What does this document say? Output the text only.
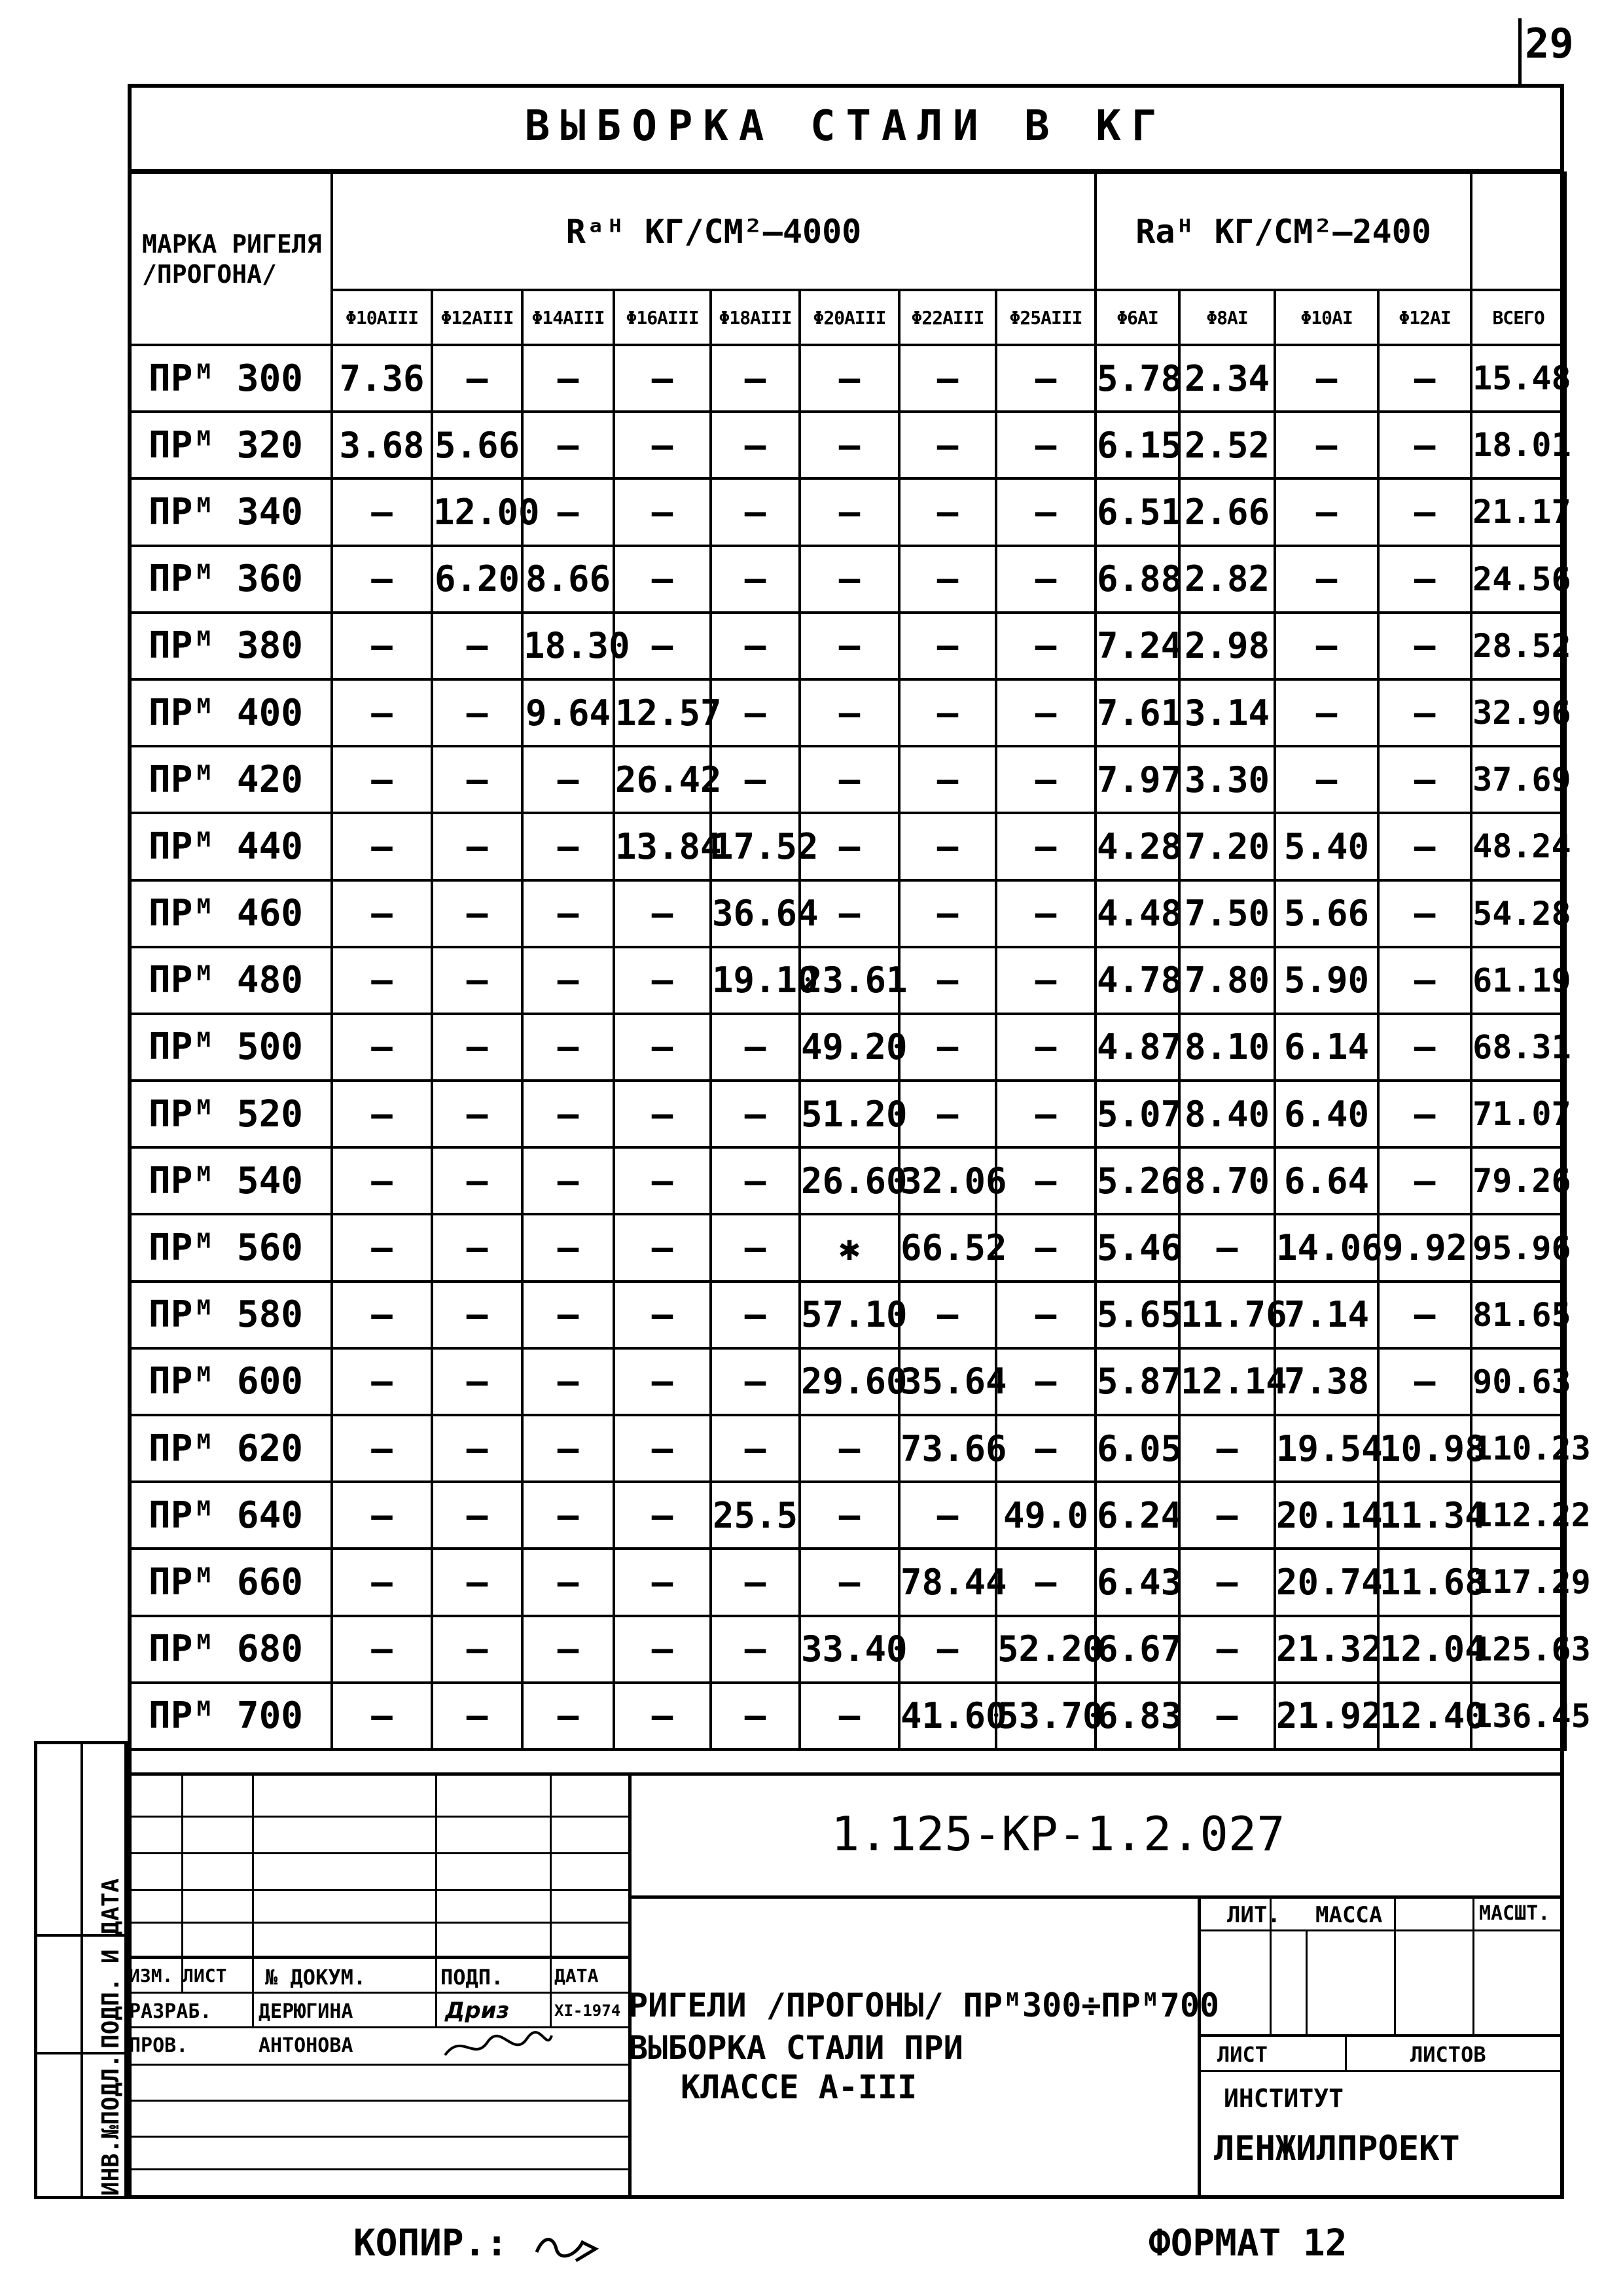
29
ВЫБОРКА СТАЛИ В КГ
МАРКА РИГЕЛЯ /ПРОГОНА/	Rᵃᴴ КГ/СМ²–4000								Raᴴ КГ/СМ²–2400				
	Φ10АIII	Φ12АIII	Φ14АIII	Φ16АIII	Φ18АIII	Φ20АIII	Φ22АIII	Φ25АIII	Φ6АI	Φ8АI	Φ10АI	Φ12АI	ВСЕГО
ПРᴹ 300	7.36	–	–	–	–	–	–	–	5.78	2.34	–	–	15.48
ПРᴹ 320	3.68	5.66	–	–	–	–	–	–	6.15	2.52	–	–	18.01
ПРᴹ 340	–	12.00	–	–	–	–	–	–	6.51	2.66	–	–	21.17
ПРᴹ 360	–	6.20	8.66	–	–	–	–	–	6.88	2.82	–	–	24.56
ПРᴹ 380	–	–	18.30	–	–	–	–	–	7.24	2.98	–	–	28.52
ПРᴹ 400	–	–	9.64	12.57	–	–	–	–	7.61	3.14	–	–	32.96
ПРᴹ 420	–	–	–	26.42	–	–	–	–	7.97	3.30	–	–	37.69
ПРᴹ 440	–	–	–	13.84	17.52	–	–	–	4.28	7.20	5.40	–	48.24
ПРᴹ 460	–	–	–	–	36.64	–	–	–	4.48	7.50	5.66	–	54.28
ПРᴹ 480	–	–	–	–	19.10	23.61	–	–	4.78	7.80	5.90	–	61.19
ПРᴹ 500	–	–	–	–	–	49.20	–	–	4.87	8.10	6.14	–	68.31
ПРᴹ 520	–	–	–	–	–	51.20	–	–	5.07	8.40	6.40	–	71.07
ПРᴹ 540	–	–	–	–	–	26.60	32.06	–	5.26	8.70	6.64	–	79.26
ПРᴹ 560	–	–	–	–	–	✱	66.52	–	5.46	–	14.06	9.92	95.96
ПРᴹ 580	–	–	–	–	–	57.10	–	–	5.65	11.76	7.14	–	81.65
ПРᴹ 600	–	–	–	–	–	29.60	35.64	–	5.87	12.14	7.38	–	90.63
ПРᴹ 620	–	–	–	–	–	–	73.66	–	6.05	–	19.54	10.98	110.23
ПРᴹ 640	–	–	–	–	25.5	–	–	49.0	6.24	–	20.14	11.34	112.22
ПРᴹ 660	–	–	–	–	–	–	78.44	–	6.43	–	20.74	11.68	117.29
ПРᴹ 680	–	–	–	–	–	33.40	–	52.20	6.67	–	21.32	12.04	125.63
ПРᴹ 700	–	–	–	–	–	–	41.60	53.70	6.83	–	21.92	12.40	136.45
ИЗМ. ЛИСТ № ДОКУМ.	ПОДП.	ДАТА
РАЗРАБ. ДЕРЮГИНА	Дриз	XI-1974
ПРОВ.	АНТОНОВА
ЛИТ. МАССА	МАСШТ.
ЛИСТ	ЛИСТОВ
ИНСТИТУТ
ЛЕНЖИЛПРОЕКТ
1.125-КР-1.2.027
РИГЕЛИ /ПРОГОНЫ/ ПРᴹ300÷ПРᴹ700
ВЫБОРКА СТАЛИ ПРИ
КЛАССЕ А-III
ИНВ.№ПОДЛ.
ПОДП. И ДАТА
КОПИР.:	ФОРМАТ 12
